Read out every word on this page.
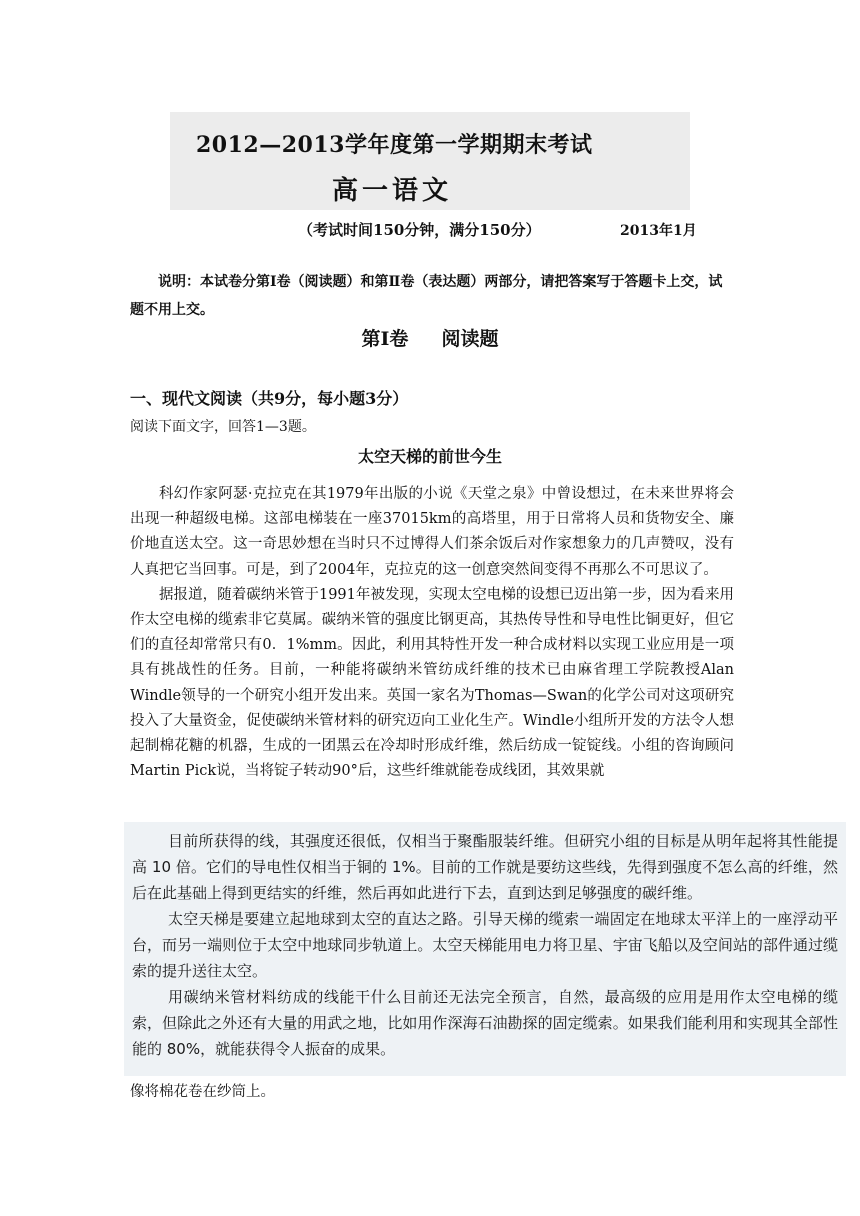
2012—2013学年度第一学期期末考试
高一语文
（考试时间150分钟，满分150分）	2013年1月
说明：本试卷分第Ⅰ卷（阅读题）和第Ⅱ卷（表达题）两部分，请把答案写于答题卡上交，试题不用上交。
第Ⅰ卷     阅读题
一、现代文阅读（共9分，每小题3分）
阅读下面文字，回答1—3题。
太空天梯的前世今生

科幻作家阿瑟·克拉克在其1979年出版的小说《天堂之泉》中曾设想过，在未来世界将会出现一种超级电梯。这部电梯装在一座37015km的高塔里，用于日常将人员和货物安全、廉价地直送太空。这一奇思妙想在当时只不过博得人们茶余饭后对作家想象力的几声赞叹，没有人真把它当回事。可是，到了2004年，克拉克的这一创意突然间变得不再那么不可思议了。

据报道，随着碳纳米管于1991年被发现，实现太空电梯的设想已迈出第一步，因为看来用作太空电梯的缆索非它莫属。碳纳米管的强度比钢更高，其热传导性和导电性比铜更好，但它们的直径却常常只有0．1%mm。因此，利用其特性开发一种合成材料以实现工业应用是一项具有挑战性的任务。目前，一种能将碳纳米管纺成纤维的技术已由麻省理工学院教授Alan Windle领导的一个研究小组开发出来。英国一家名为Thomas—Swan的化学公司对这项研究投入了大量资金，促使碳纳米管材料的研究迈向工业化生产。Windle小组所开发的方法令人想起制棉花糖的机器，生成的一团黑云在冷却时形成纤维，然后纺成一锭锭线。小组的咨询顾问Martin Pick说，当将锭子转动90°后，这些纤维就能卷成线团，其效果就

目前所获得的线，其强度还很低，仅相当于聚酯服装纤维。但研究小组的目标是从明年起将其性能提高 10 倍。它们的导电性仅相当于铜的 1%。目前的工作就是要纺这些线，先得到强度不怎么高的纤维，然后在此基础上得到更结实的纤维，然后再如此进行下去，直到达到足够强度的碳纤维。

太空天梯是要建立起地球到太空的直达之路。引导天梯的缆索一端固定在地球太平洋上的一座浮动平台，而另一端则位于太空中地球同步轨道上。太空天梯能用电力将卫星、宇宙飞船以及空间站的部件通过缆索的提升送往太空。

用碳纳米管材料纺成的线能干什么目前还无法完全预言，自然，最高级的应用是用作太空电梯的缆索，但除此之外还有大量的用武之地，比如用作深海石油勘探的固定缆索。如果我们能利用和实现其全部性能的 80%，就能获得令人振奋的成果。

像将棉花卷在纱筒上。
